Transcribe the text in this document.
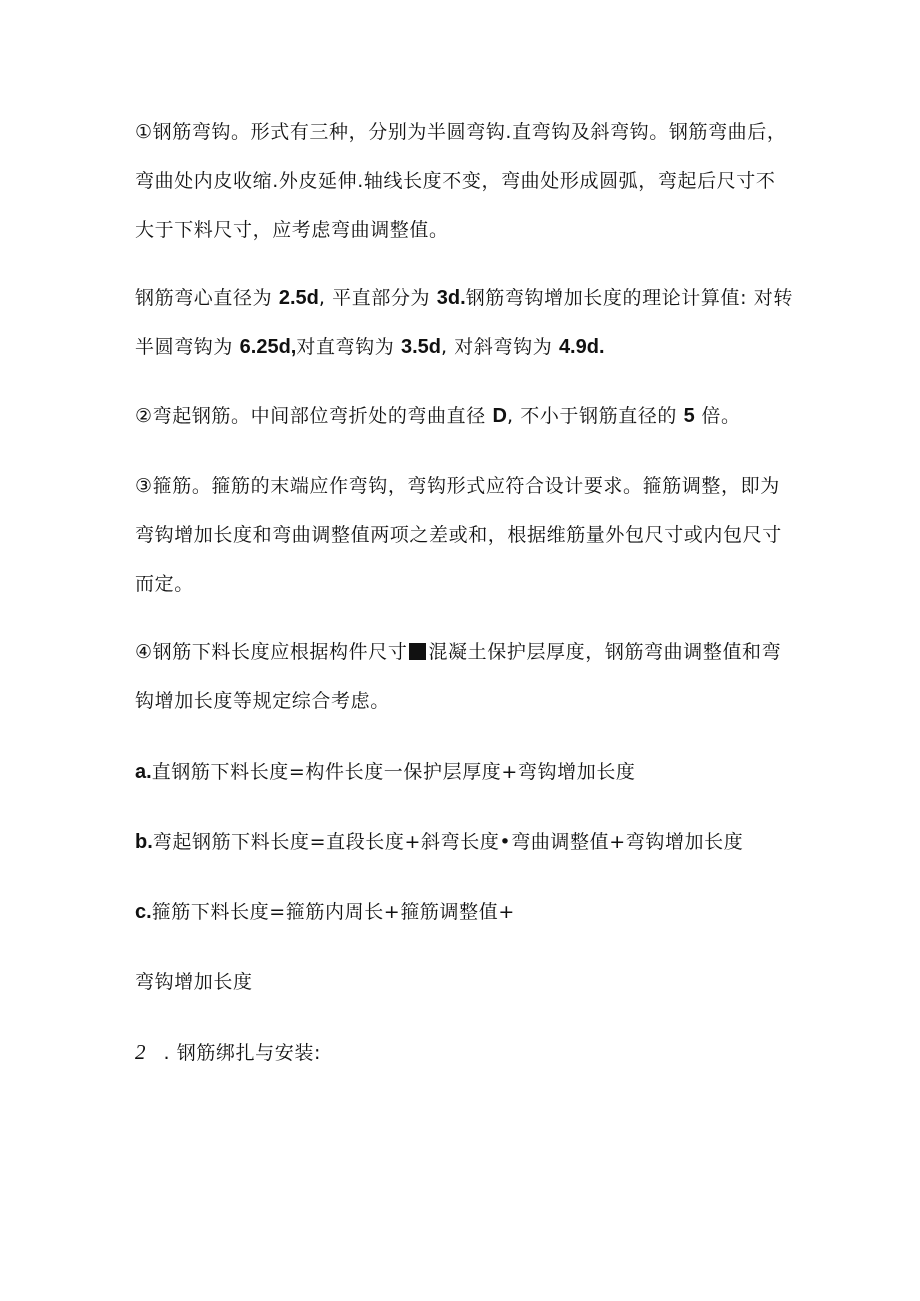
①钢筋弯钩。形式有三种，分别为半圆弯钩.直弯钩及斜弯钩。钢筋弯曲后，弯曲处内皮收缩.外皮延伸.轴线长度不变，弯曲处形成圆弧，弯起后尺寸不大于下料尺寸，应考虑弯曲调整值。

钢筋弯心直径为 2.5d, 平直部分为 3d.钢筋弯钩增加长度的理论计算值: 对转半圆弯钩为 6.25d,对直弯钩为 3.5d, 对斜弯钩为 4.9d.

②弯起钢筋。中间部位弯折处的弯曲直径 D, 不小于钢筋直径的 5 倍。

③箍筋。箍筋的末端应作弯钩，弯钩形式应符合设计要求。箍筋调整，即为弯钩增加长度和弯曲调整值两项之差或和，根据维筋量外包尺寸或内包尺寸而定。

④钢筋下料长度应根据构件尺寸 混凝土保护层厚度，钢筋弯曲调整值和弯钩增加长度等规定综合考虑。

a.直钢筋下料长度=构件长度一保护层厚度+弯钩增加长度

b.弯起钢筋下料长度=直段长度+斜弯长度•弯曲调整值+弯钩增加长度

c.箍筋下料长度=箍筋内周长+箍筋调整值+

弯钩增加长度

2 . 钢筋绑扎与安装:
